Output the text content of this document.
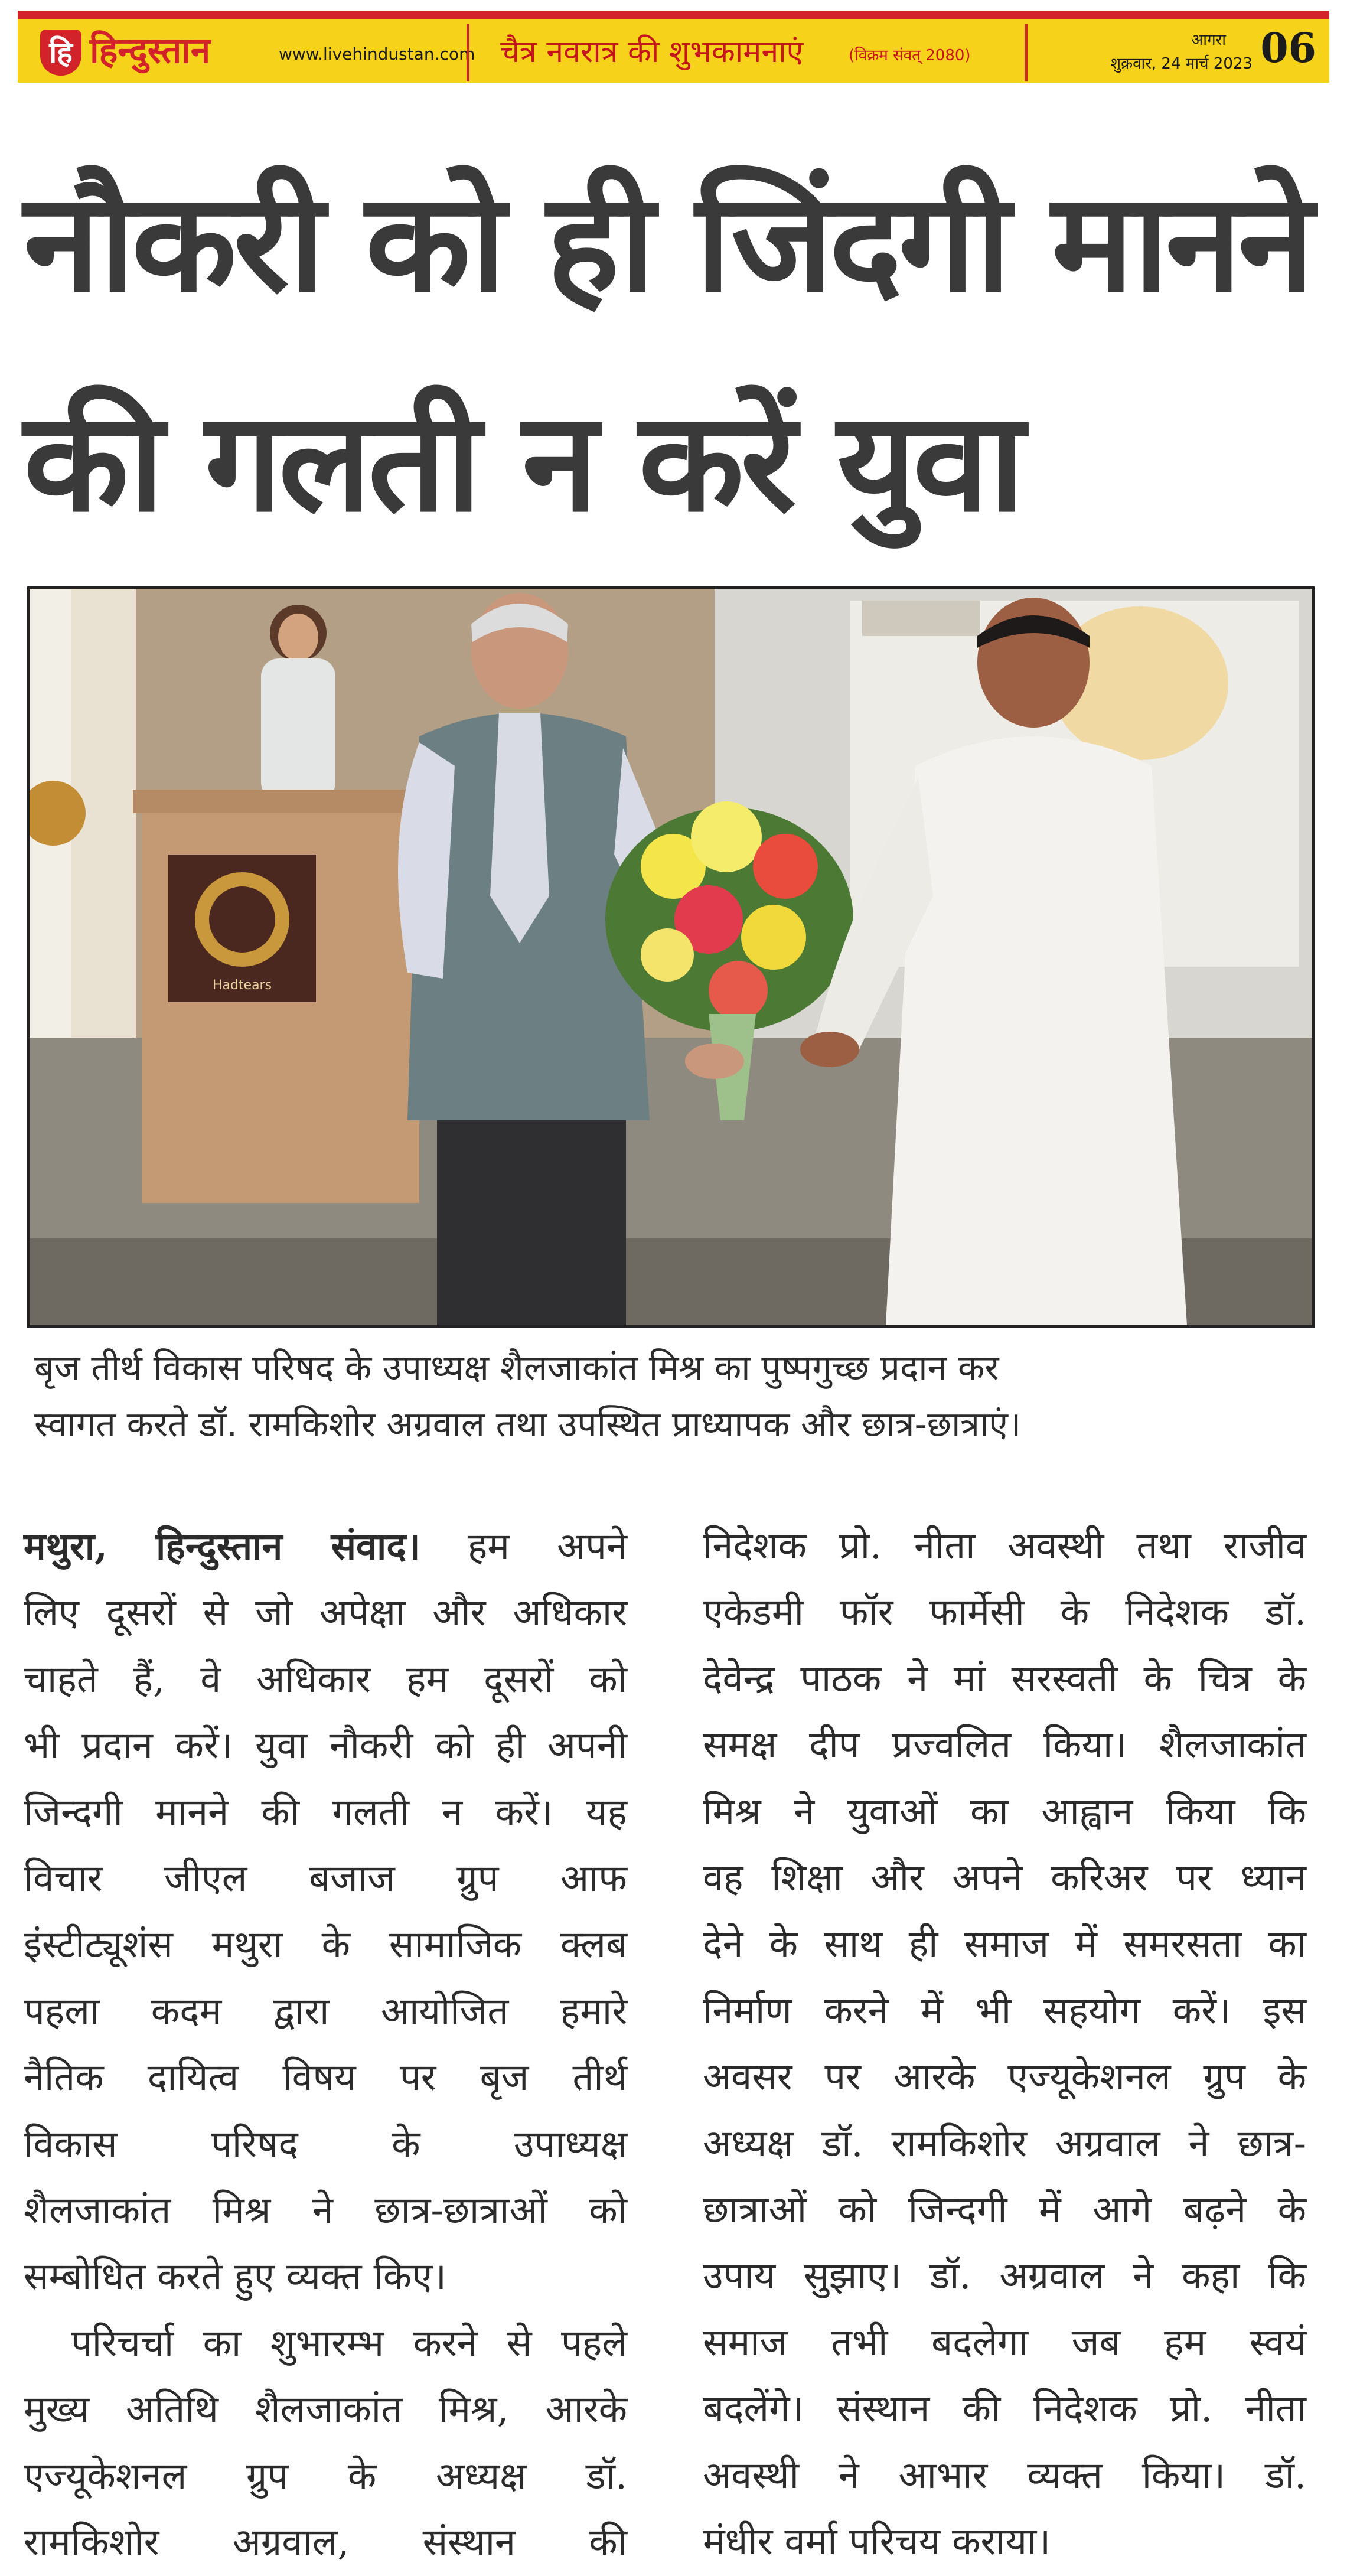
हि हिन्दुस्तान	www.livehindustan.com चैत्र नवरात्र की शुभकामनाएं	(विक्रम संवत् 2080)
आगरा
शुक्रवार, 24 मार्च 2023 06
नौकरी को ही जिंदगी मानने
की गलती न करें युवा
Hadtears
बृज तीर्थ विकास परिषद के उपाध्यक्ष शैलजाकांत मिश्र का पुष्पगुच्छ प्रदान कर
स्वागत करते डॉ. रामकिशोर अग्रवाल तथा उपस्थित प्राध्यापक और छात्र-छात्राएं।

मथुरा, हिन्दुस्तान संवाद। हम अपने
लिए दूसरों से जो अपेक्षा और अधिकार
चाहते हैं, वे अधिकार हम दूसरों को
भी प्रदान करें। युवा नौकरी को ही अपनी
जिन्दगी मानने की गलती न करें। यह
विचार जीएल बजाज ग्रुप आफ
इंस्टीट्यूशंस मथुरा के सामाजिक क्लब
पहला कदम द्वारा आयोजित हमारे
नैतिक दायित्व विषय पर बृज तीर्थ
विकास परिषद के उपाध्यक्ष
शैलजाकांत मिश्र ने छात्र-छात्राओं को
सम्बोधित करते हुए व्यक्त किए।

परिचर्चा का शुभारम्भ करने से पहले
मुख्य अतिथि शैलजाकांत मिश्र, आरके
एज्यूकेशनल ग्रुप के अध्यक्ष डॉ.
रामकिशोर अग्रवाल, संस्थान की

निदेशक प्रो. नीता अवस्थी तथा राजीव
एकेडमी फॉर फार्मेसी के निदेशक डॉ.
देवेन्द्र पाठक ने मां सरस्वती के चित्र के
समक्ष दीप प्रज्वलित किया। शैलजाकांत
मिश्र ने युवाओं का आह्वान किया कि
वह शिक्षा और अपने करिअर पर ध्यान
देने के साथ ही समाज में समरसता का
निर्माण करने में भी सहयोग करें। इस
अवसर पर आरके एज्यूकेशनल ग्रुप के
अध्यक्ष डॉ. रामकिशोर अग्रवाल ने छात्र-
छात्राओं को जिन्दगी में आगे बढ़ने के
उपाय सुझाए। डॉ. अग्रवाल ने कहा कि
समाज तभी बदलेगा जब हम स्वयं
बदलेंगे। संस्थान की निदेशक प्रो. नीता
अवस्थी ने आभार व्यक्त किया। डॉ.
मंधीर वर्मा परिचय कराया।
